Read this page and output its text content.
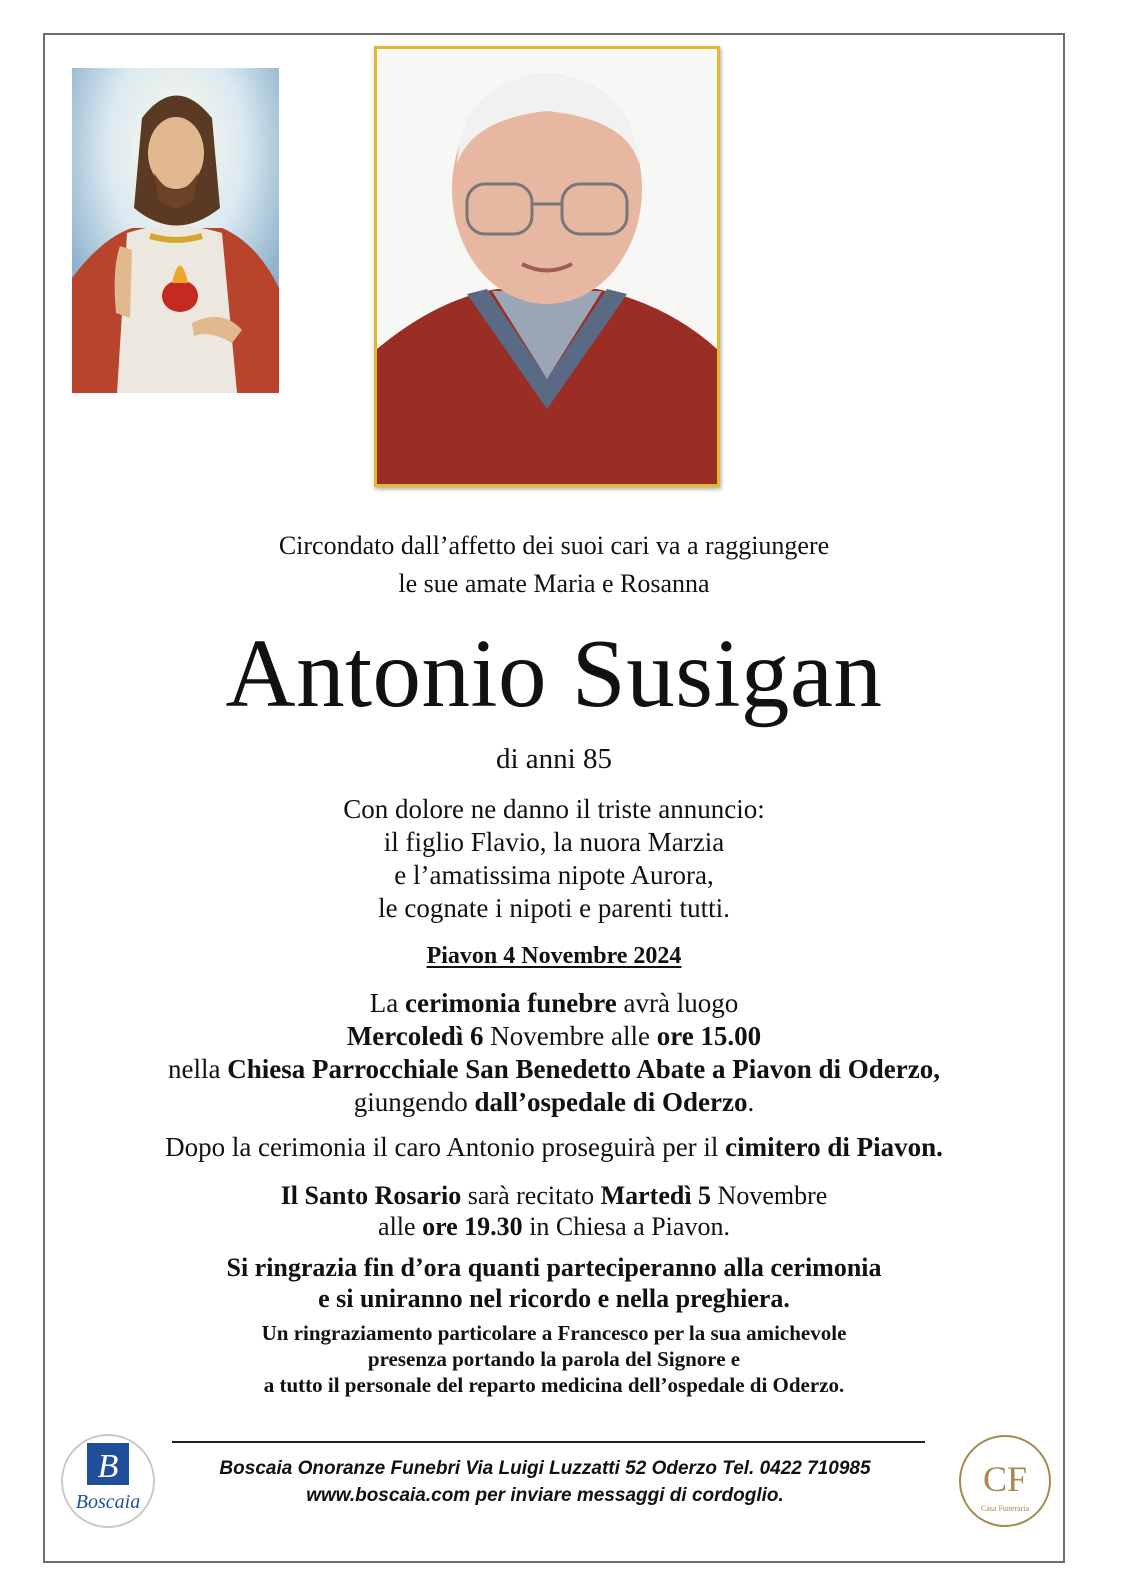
Circondato dall’affetto dei suoi cari va a raggiungere
le sue amate Maria e Rosanna
Antonio Susigan
di anni 85
Con dolore ne danno il triste annuncio:
il figlio Flavio, la nuora Marzia
e l’amatissima nipote Aurora,
le cognate i nipoti e parenti tutti.
Piavon 4 Novembre 2024
La cerimonia funebre avrà luogo
Mercoledì 6 Novembre alle ore 15.00
nella Chiesa Parrocchiale San Benedetto Abate a Piavon di Oderzo,
giungendo dall’ospedale di Oderzo.
Dopo la cerimonia il caro Antonio proseguirà per il cimitero di Piavon.
Il Santo Rosario sarà recitato Martedì 5 Novembre
alle ore 19.30 in Chiesa a Piavon.
Si ringrazia fin d’ora quanti parteciperanno alla cerimonia
e si uniranno nel ricordo e nella preghiera.
Un ringraziamento particolare a Francesco per la sua amichevole
presenza portando la parola del Signore e
a tutto il personale del reparto medicina dell’ospedale di Oderzo.
B
Boscaia
Boscaia Onoranze Funebri Via Luigi Luzzatti 52 Oderzo Tel. 0422 710985
www.boscaia.com per inviare messaggi di cordoglio.	CF
Casa Funeraria
